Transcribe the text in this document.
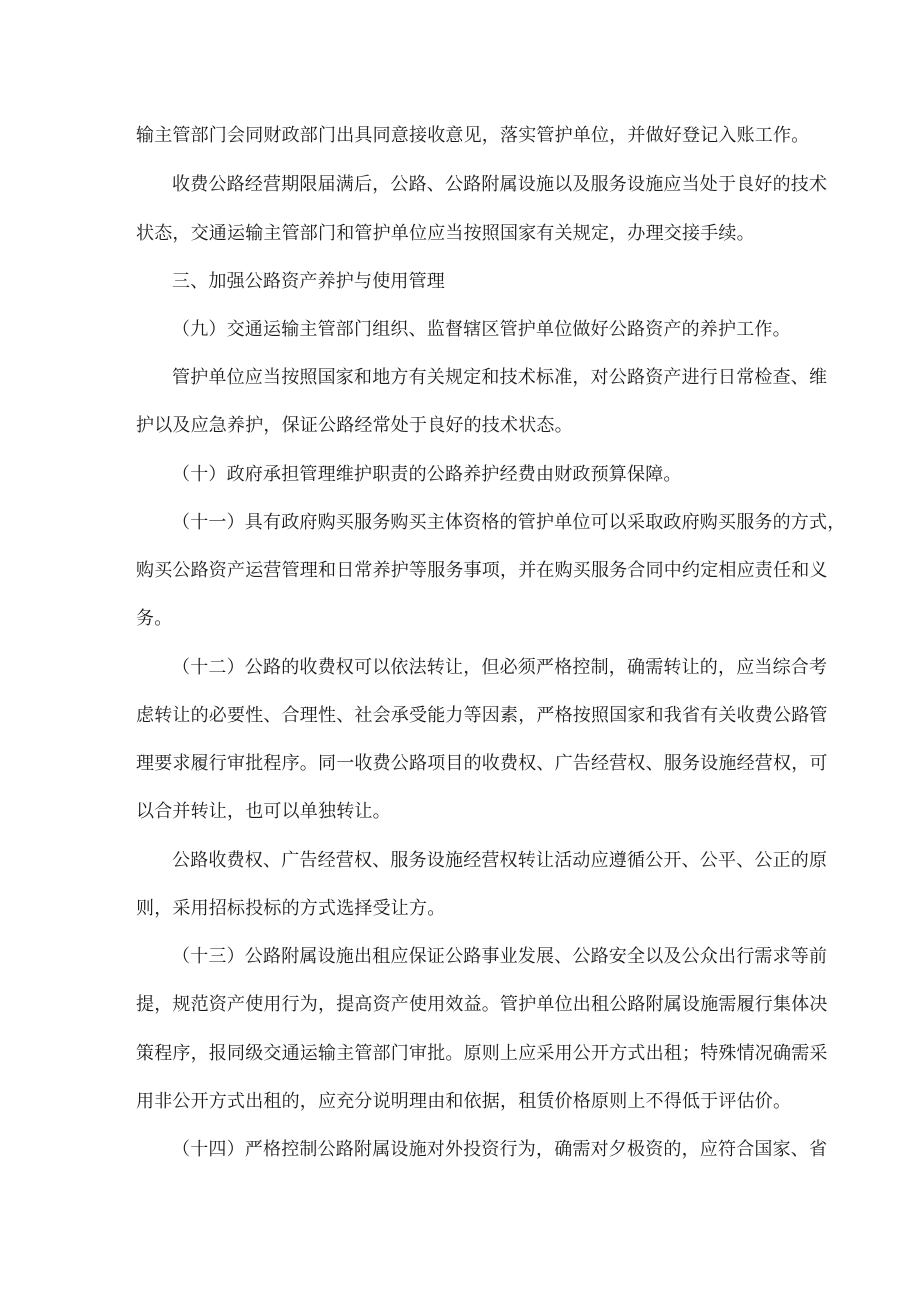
输主管部门会同财政部门出具同意接收意见，落实管护单位，并做好登记入账工作。
收费公路经营期限届满后，公路、公路附属设施以及服务设施应当处于良好的技术
状态，交通运输主管部门和管护单位应当按照国家有关规定，办理交接手续。
三、加强公路资产养护与使用管理
（九）交通运输主管部门组织、监督辖区管护单位做好公路资产的养护工作。
管护单位应当按照国家和地方有关规定和技术标准，对公路资产进行日常检查、维
护以及应急养护，保证公路经常处于良好的技术状态。
（十）政府承担管理维护职责的公路养护经费由财政预算保障。
（十一）具有政府购买服务购买主体资格的管护单位可以采取政府购买服务的方式，
购买公路资产运营管理和日常养护等服务事项，并在购买服务合同中约定相应责任和义
务。
（十二）公路的收费权可以依法转让，但必须严格控制，确需转让的，应当综合考
虑转让的必要性、合理性、社会承受能力等因素，严格按照国家和我省有关收费公路管
理要求履行审批程序。同一收费公路项目的收费权、广告经营权、服务设施经营权，可
以合并转让，也可以单独转让。
公路收费权、广告经营权、服务设施经营权转让活动应遵循公开、公平、公正的原
则，采用招标投标的方式选择受让方。
（十三）公路附属设施出租应保证公路事业发展、公路安全以及公众出行需求等前
提，规范资产使用行为，提高资产使用效益。管护单位出租公路附属设施需履行集体决
策程序，报同级交通运输主管部门审批。原则上应采用公开方式出租；特殊情况确需采
用非公开方式出租的，应充分说明理由和依据，租赁价格原则上不得低于评估价。
（十四）严格控制公路附属设施对外投资行为，确需对夕极资的，应符合国家、省
